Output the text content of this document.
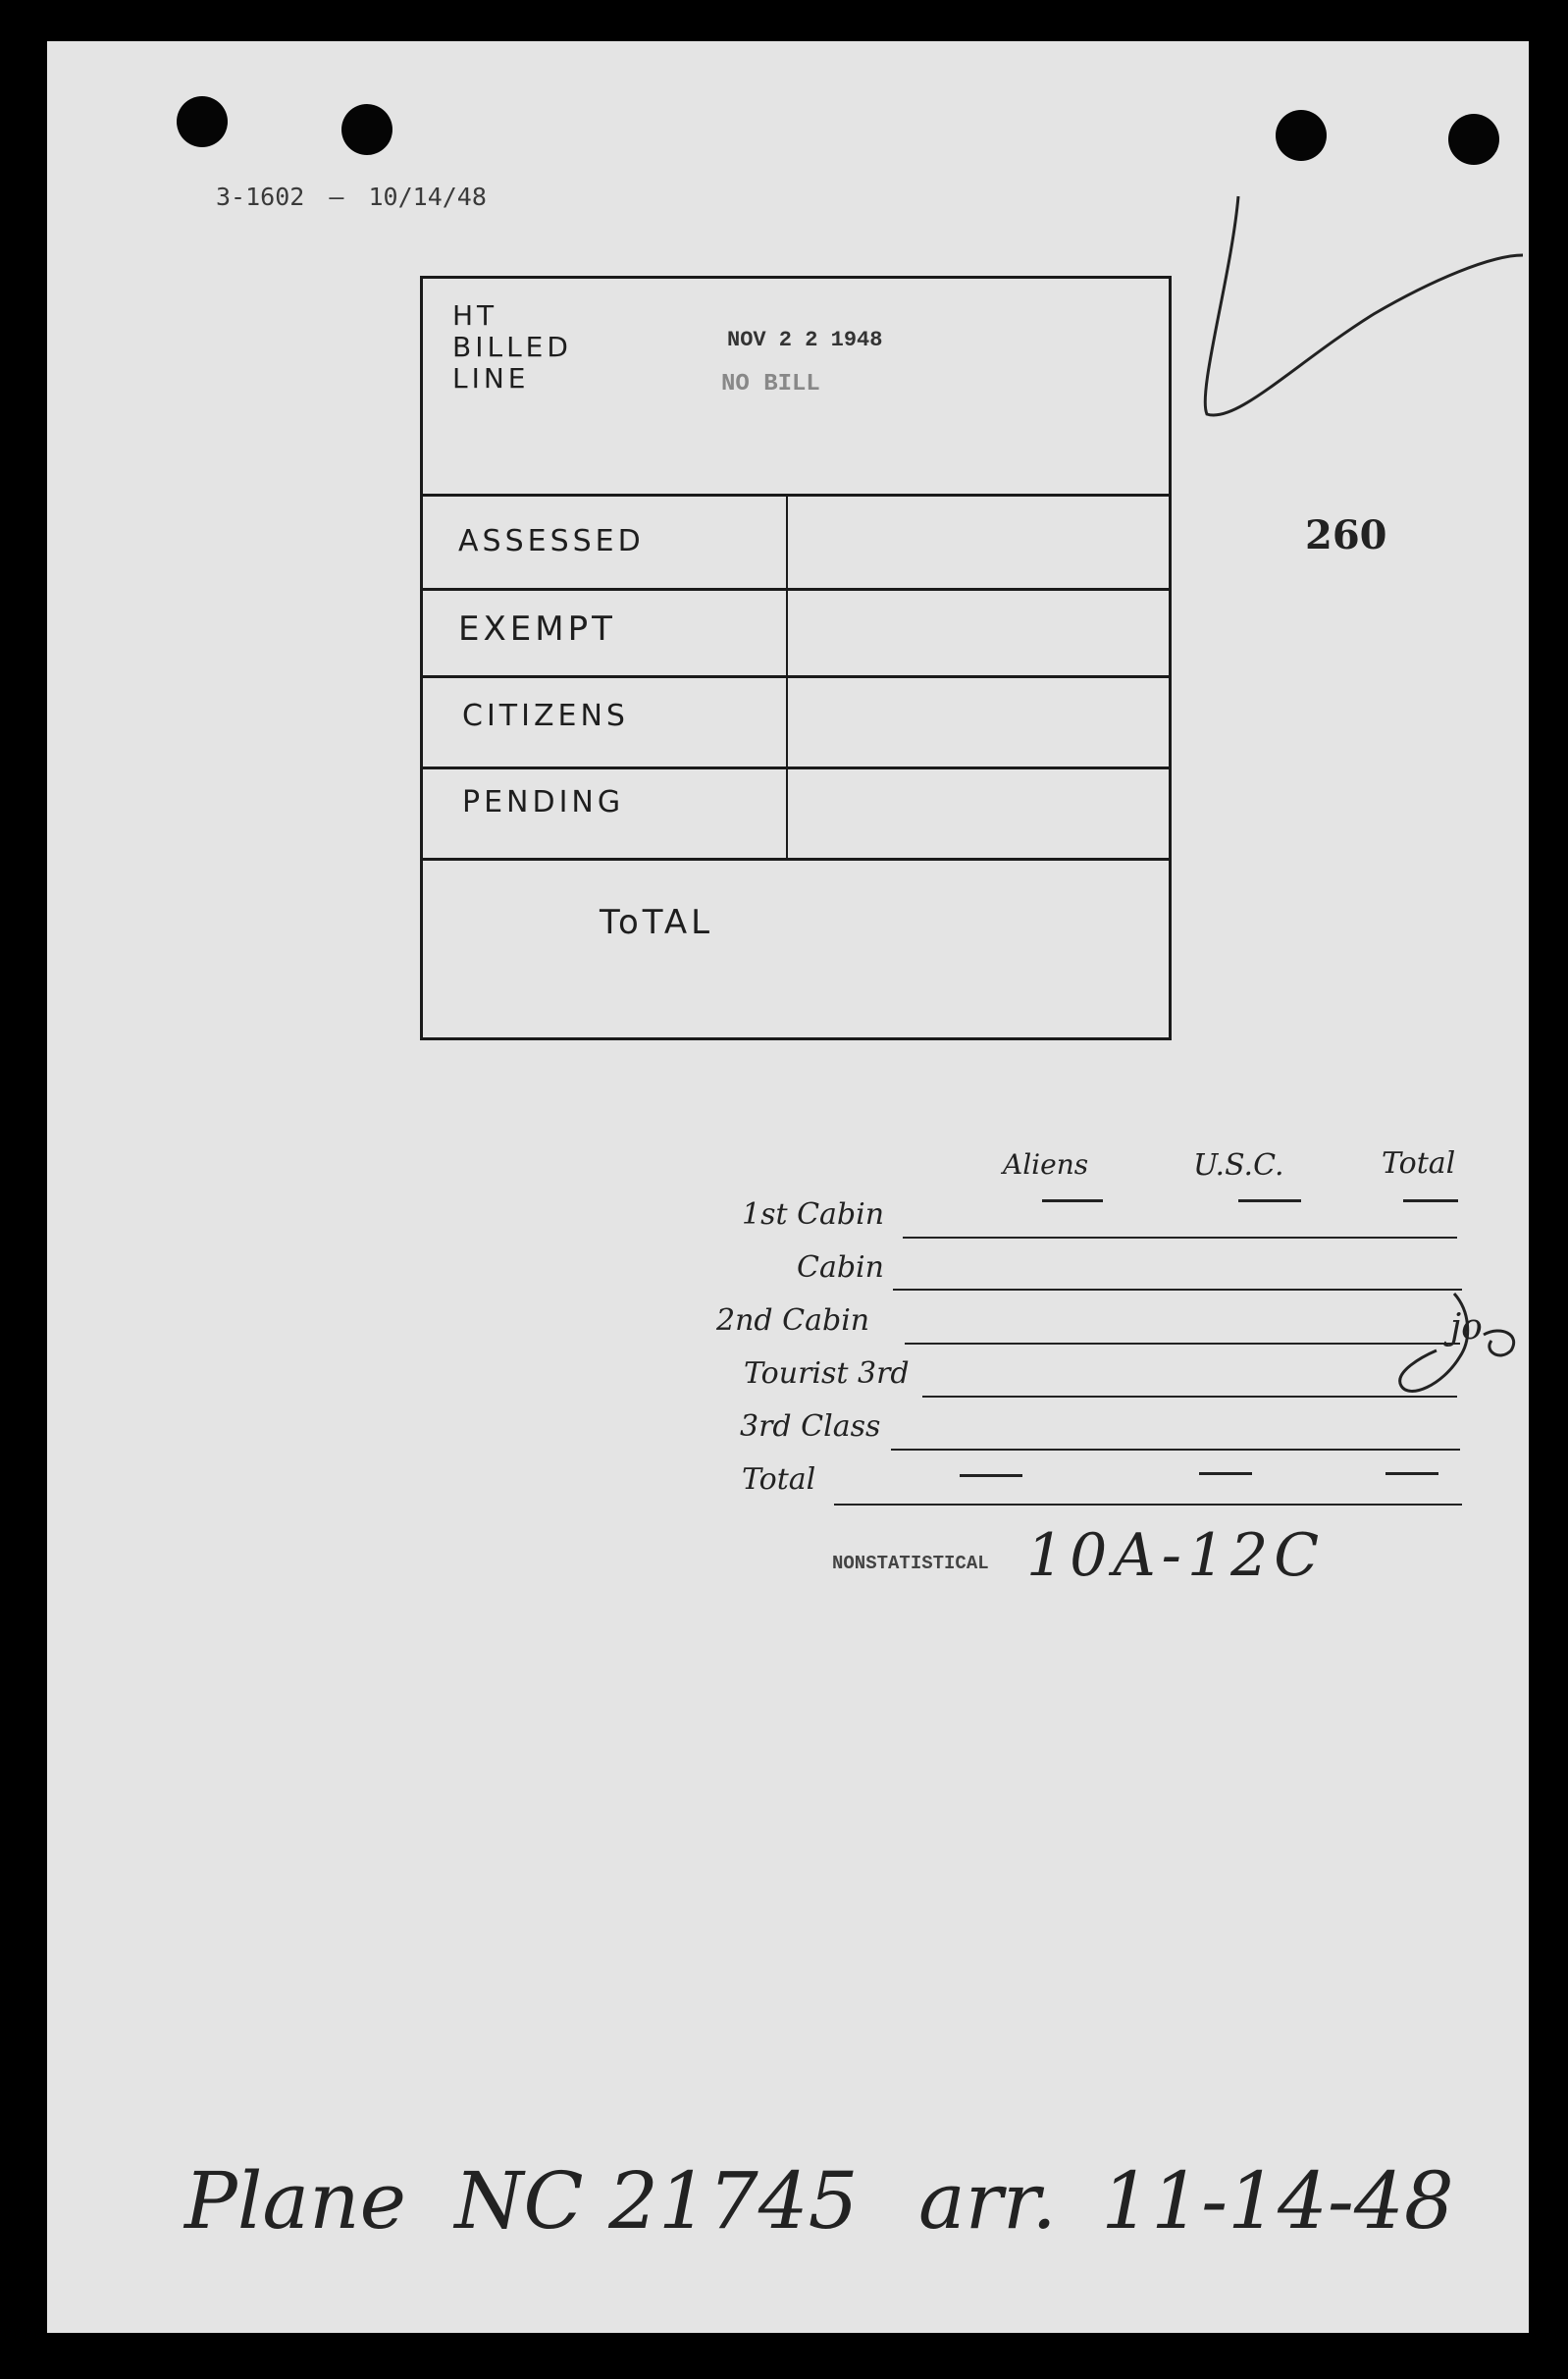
3-1602 — 10/14/48
HT
BILLED
LINE
NOV 2 2 1948
NO BILL
ASSESSED
EXEMPT
CITIZENS
PENDING
ToTAL
260
Aliens	U.S.C.	Total
1st Cabin
Cabin
2nd Cabin
Tourist 3rd
3rd Class
Total
jo
NONSTATISTICAL 10A-12C
Plane NC 21745 arr. 11-14-48
